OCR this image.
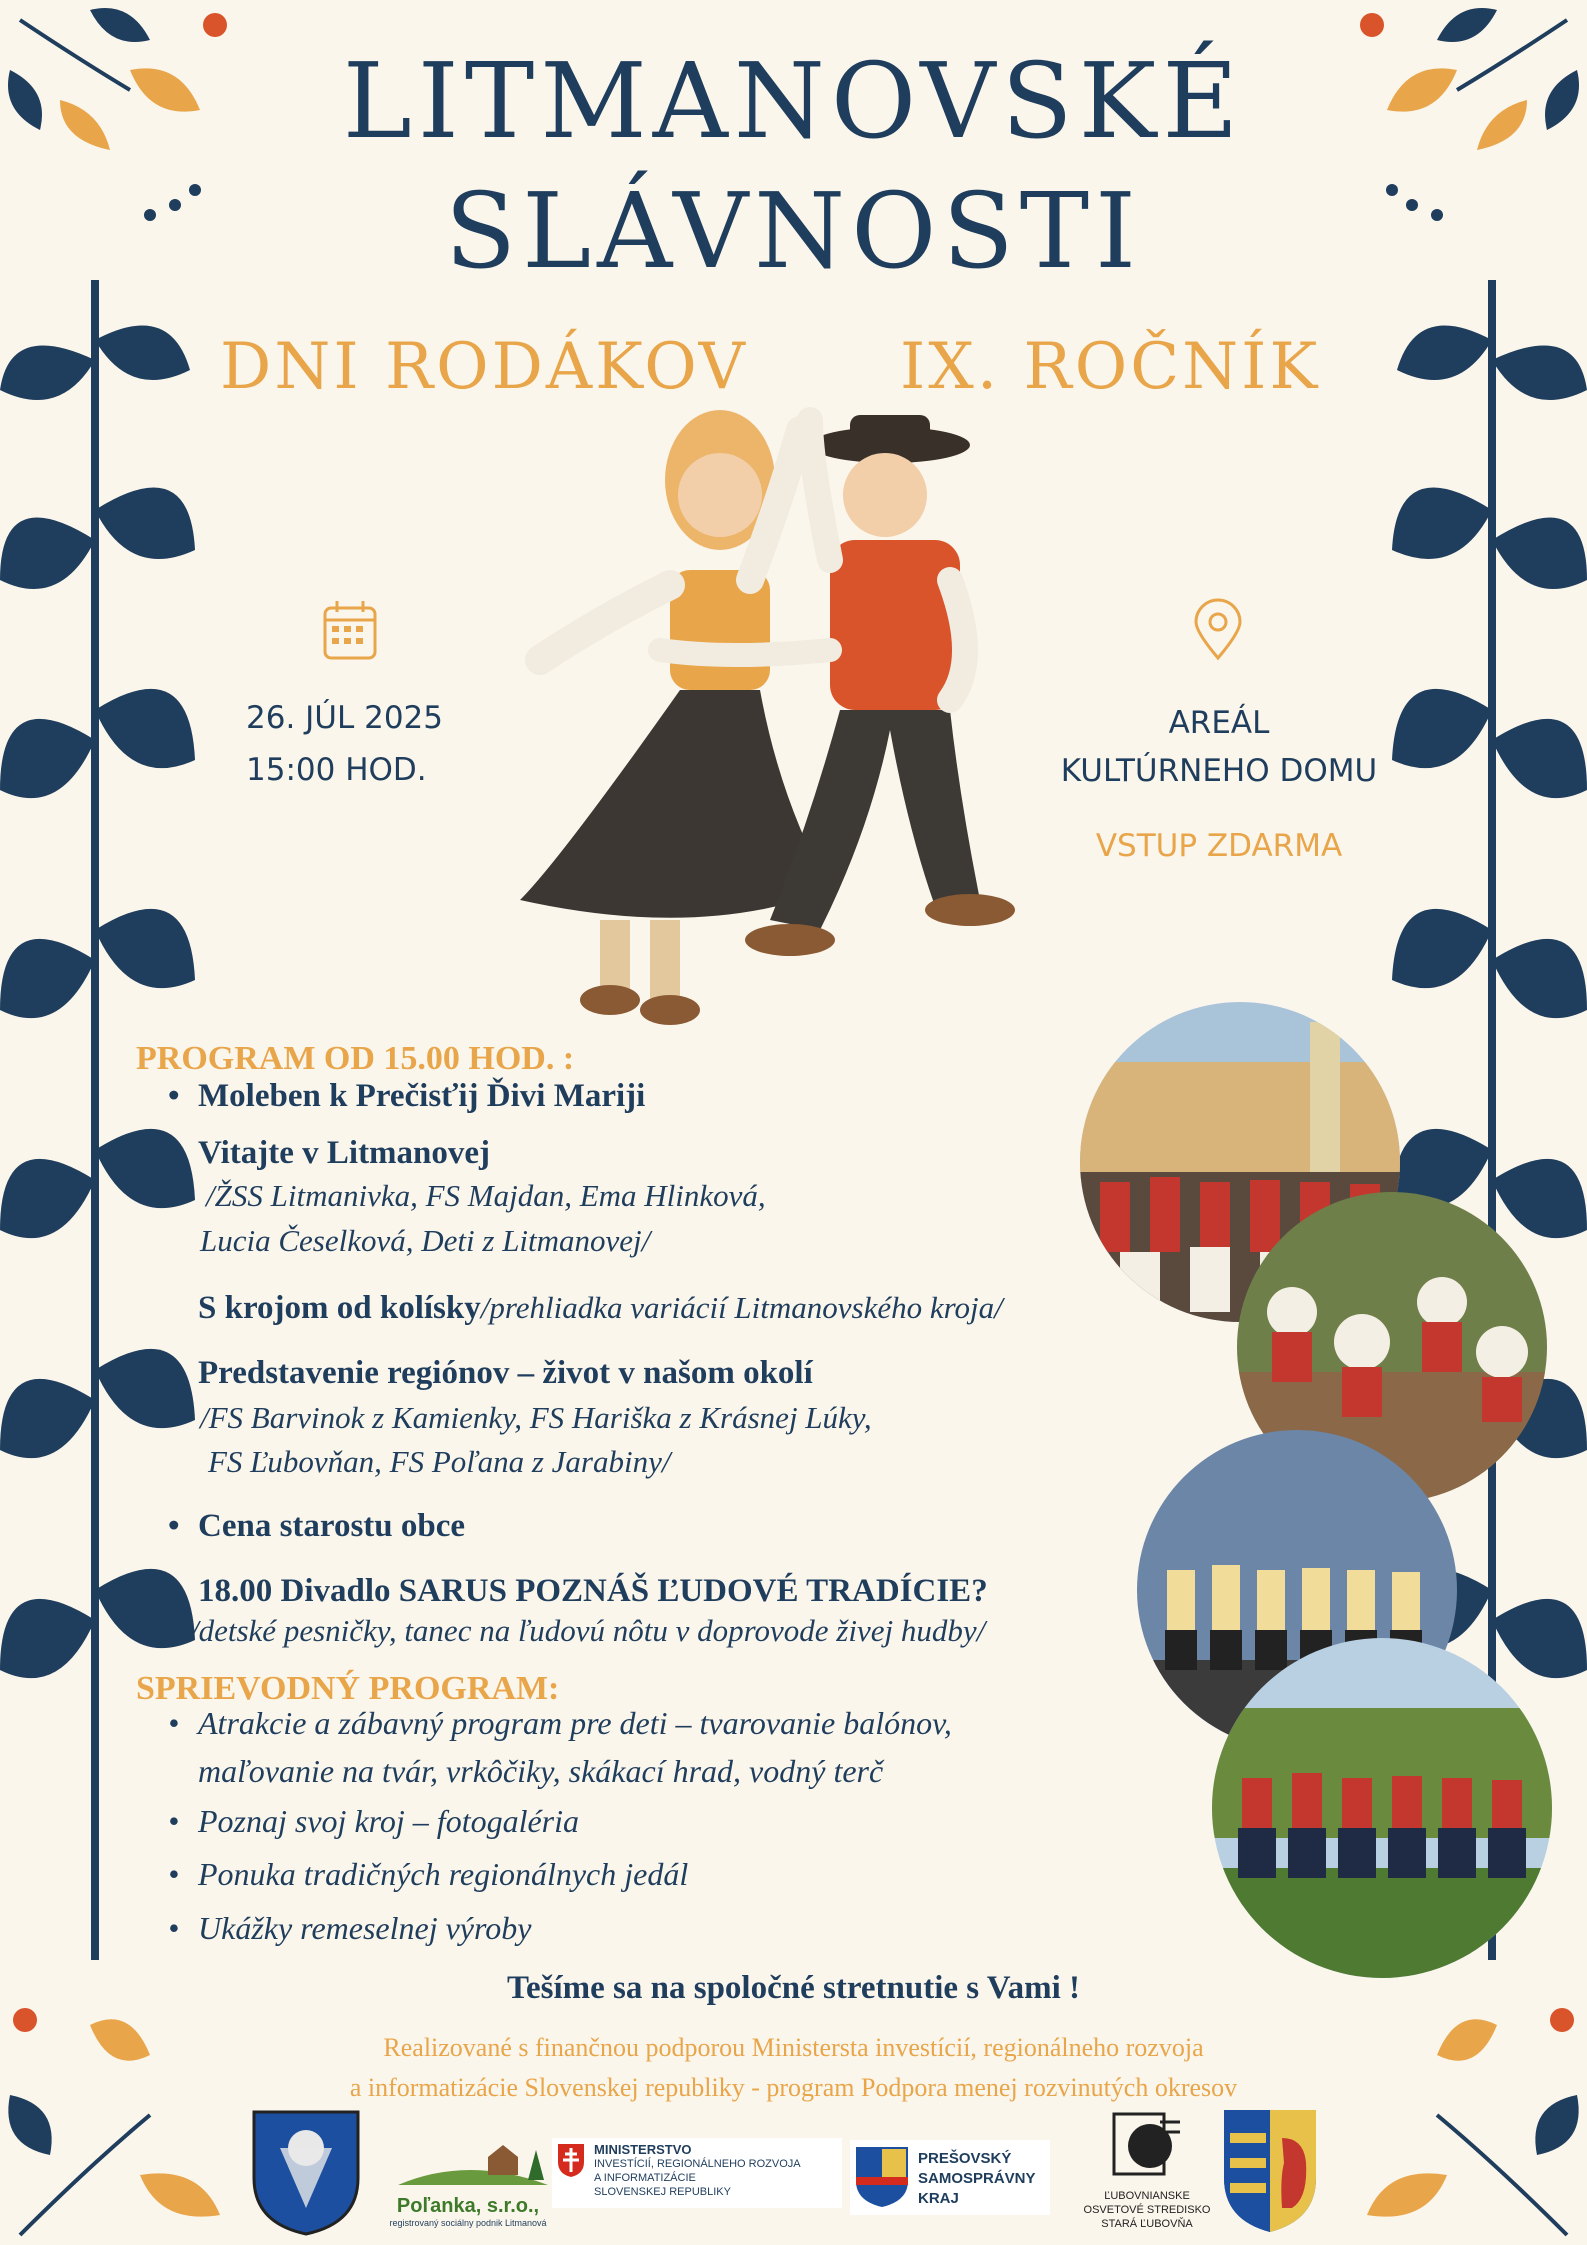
LITMANOVSKÉ
SLÁVNOSTI
DNI RODÁKOV IX. ROČNÍK
26. JÚL 2025
15:00 HOD.
AREÁL
KULTÚRNEHO DOMU
VSTUP ZDARMA
PROGRAM OD 15.00 HOD. :
• Moleben k Prečisťij Ďivi Mariji
• Vitajte v Litmanovej
/ŽSS Litmanivka, FS Majdan, Ema Hlinková,
Lucia Česelková, Deti z Litmanovej/
S krojom od kolísky/prehliadka variácií Litmanovského kroja/
• Predstavenie regiónov – život v našom okolí
/FS Barvinok z Kamienky, FS Hariška z Krásnej Lúky,
FS Ľubovňan, FS Poľana z Jarabiny/
• Cena starostu obce
• 18.00 Divadlo SARUS POZNÁŠ ĽUDOVÉ TRADÍCIE?
/detské pesničky, tanec na ľudovú nôtu v doprovode živej hudby/
SPRIEVODNÝ PROGRAM:
• Atrakcie a zábavný program pre deti – tvarovanie balónov,
maľovanie na tvár, vrkôčiky, skákací hrad, vodný terč
• Poznaj svoj kroj – fotogaléria
• Ponuka tradičných regionálnych jedál
• Ukážky remeselnej výroby
Tešíme sa na spoločné stretnutie s Vami !
Realizované s finančnou podporou Ministersta investícií, regionálneho rozvoja
a informatizácie Slovenskej republiky - program Podpora menej rozvinutých okresov
Poľanka, s.r.o.,
registrovaný sociálny podnik Litmanová
MINISTERSTVO
INVESTÍCIÍ, REGIONÁLNEHO ROZVOJA
A INFORMATIZÁCIE
SLOVENSKEJ REPUBLIKY
PREŠOVSKÝ
SAMOSPRÁVNY
KRAJ	ĽUBOVNIANSKE
OSVETOVÉ STREDISKO
STARÁ ĽUBOVŇA
